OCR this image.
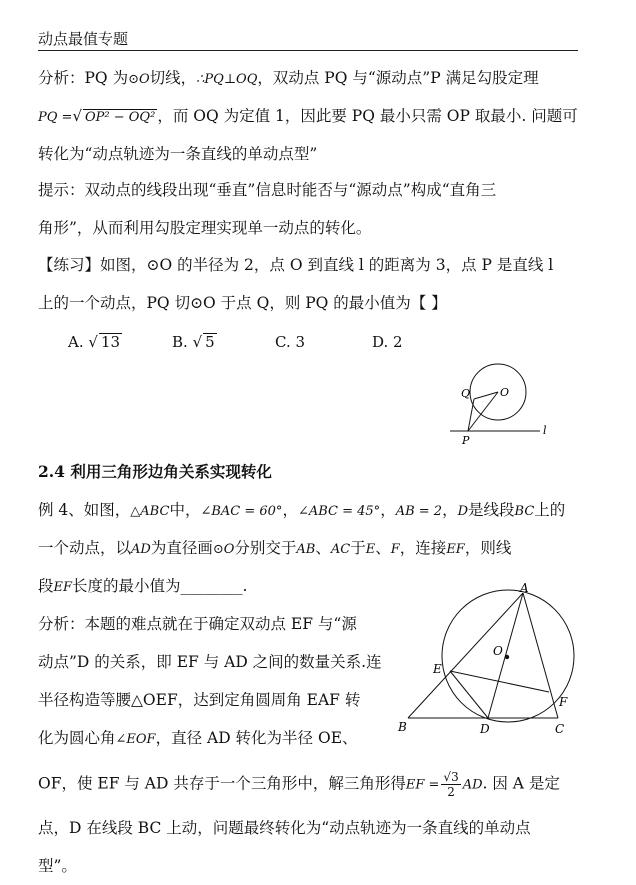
动点最值专题
分析：PQ 为⊙O切线，∴PQ⊥OQ，双动点 PQ 与“源动点”P 满足勾股定理
PQ =√ OP² − OQ² ，而 OQ 为定值 1，因此要 PQ 最小只需 OP 取最小. 问题可
转化为“动点轨迹为一条直线的单动点型”
提示：双动点的线段出现“垂直”信息时能否与“源动点”构成“直角三
角形”，从而利用勾股定理实现单一动点的转化。
【练习】如图，⊙O 的半径为 2，点 O 到直线 l 的距离为 3，点 P 是直线 l
上的一个动点，PQ 切⊙O 于点 Q，则 PQ 的最小值为【 】
A. √ 13	B. √ 5	C. 3	D. 2
Q	O
P
l
2.4 利用三角形边角关系实现转化
例 4、如图，△ABC中，∠BAC = 60°，∠ABC = 45°，AB = 2，D是线段BC上的
一个动点，以AD为直径画⊙O分别交于AB、AC于E、F，连接EF，则线
段EF长度的最小值为________.
分析：本题的难点就在于确定双动点 EF 与“源
动点”D 的关系，即 EF 与 AD 之间的数量关系.连
半径构造等腰△OEF，达到定角圆周角 EAF 转
化为圆心角∠EOF，直径 AD 转化为半径 OE、
OF，使 EF 与 AD 共存于一个三角形中，解三角形得EF = $\frac{√3}{2}$ AD. 因 A 是定
点，D 在线段 BC 上动，问题最终转化为“动点轨迹为一条直线的单动点
型”。
A
O
E
F
B	D	C
